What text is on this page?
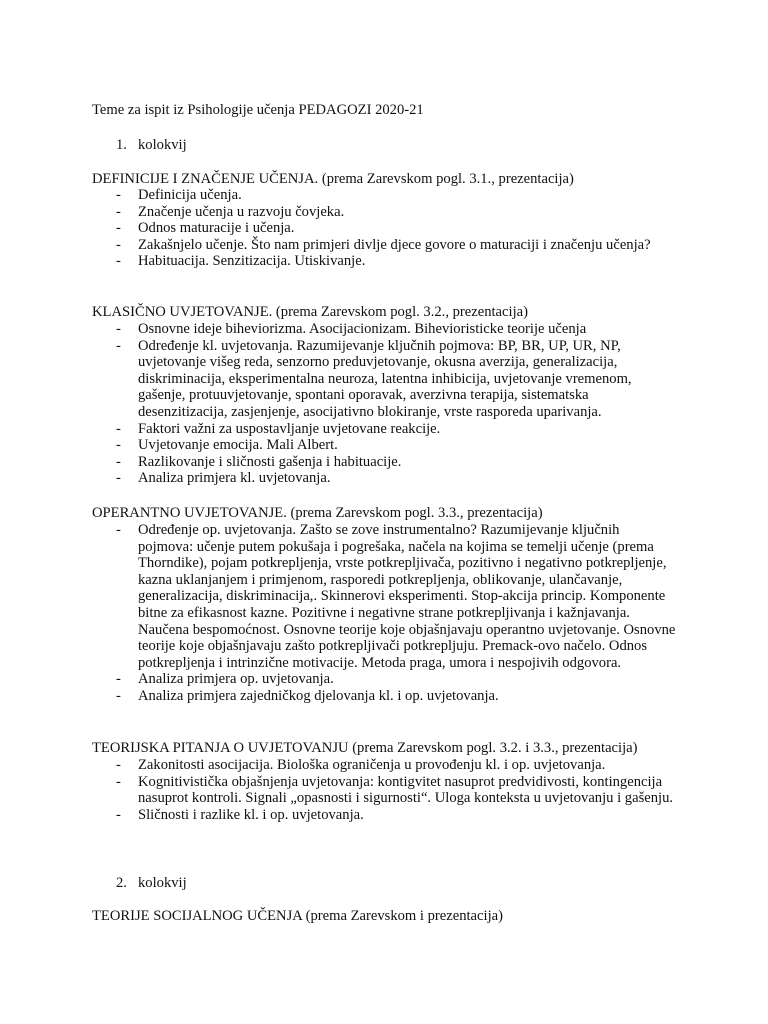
Teme za ispit iz Psihologije učenja PEDAGOZI 2020-21
1. kolokvij
DEFINICIJE I ZNAČENJE UČENJA. (prema Zarevskom pogl. 3.1., prezentacija)
- Definicija učenja.
- Značenje učenja u razvoju čovjeka.
- Odnos maturacije i učenja.
- Zakašnjelo učenje. Što nam primjeri divlje djece govore o maturaciji i značenju učenja?
- Habituacija. Senzitizacija. Utiskivanje.
KLASIČNO UVJETOVANJE. (prema Zarevskom pogl. 3.2., prezentacija)
- Osnovne ideje biheviorizma. Asocijacionizam. Bihevioristicke teorije učenja
- Određenje kl. uvjetovanja. Razumijevanje ključnih pojmova: BP, BR, UP, UR, NP, uvjetovanje višeg reda, senzorno preduvjetovanje, okusna averzija, generalizacija, diskriminacija, eksperimentalna neuroza, latentna inhibicija, uvjetovanje vremenom, gašenje, protuuvjetovanje, spontani oporavak, averzivna terapija, sistematska desenzitizacija, zasjenjenje, asocijativno blokiranje, vrste rasporeda uparivanja.
- Faktori važni za uspostavljanje uvjetovane reakcije.
- Uvjetovanje emocija. Mali Albert.
- Razlikovanje i sličnosti gašenja i habituacije.
- Analiza primjera kl. uvjetovanja.
OPERANTNO UVJETOVANJE. (prema Zarevskom pogl. 3.3., prezentacija)
- Određenje op. uvjetovanja. Zašto se zove instrumentalno? Razumijevanje ključnih pojmova: učenje putem pokušaja i pogrešaka, načela na kojima se temelji učenje (prema Thorndike), pojam potkrepljenja, vrste potkrepljivača, pozitivno i negativno potkrepljenje, kazna uklanjanjem i primjenom, rasporedi potkrepljenja, oblikovanje, ulančavanje, generalizacija, diskriminacija,. Skinnerovi eksperimenti. Stop-akcija princip. Komponente bitne za efikasnost kazne. Pozitivne i negativne strane potkrepljivanja i kažnjavanja. Naučena bespomoćnost. Osnovne teorije koje objašnjavaju operantno uvjetovanje. Osnovne teorije koje objašnjavaju zašto potkrepljivači potkrepljuju. Premack-ovo načelo. Odnos potkrepljenja i intrinzične motivacije. Metoda praga, umora i nespojivih odgovora.
- Analiza primjera op. uvjetovanja.
- Analiza primjera zajedničkog djelovanja kl. i op. uvjetovanja.
TEORIJSKA PITANJA O UVJETOVANJU (prema Zarevskom pogl. 3.2. i 3.3., prezentacija)
- Zakonitosti asocijacija. Biološka ograničenja u provođenju kl. i op. uvjetovanja.
- Kognitivistička objašnjenja uvjetovanja: kontigvitet nasuprot predvidivosti, kontingencija nasuprot kontroli. Signali „opasnosti i sigurnosti“. Uloga konteksta u uvjetovanju i gašenju.
- Sličnosti i razlike kl. i op. uvjetovanja.
2. kolokvij
TEORIJE SOCIJALNOG UČENJA (prema Zarevskom i prezentacija)
